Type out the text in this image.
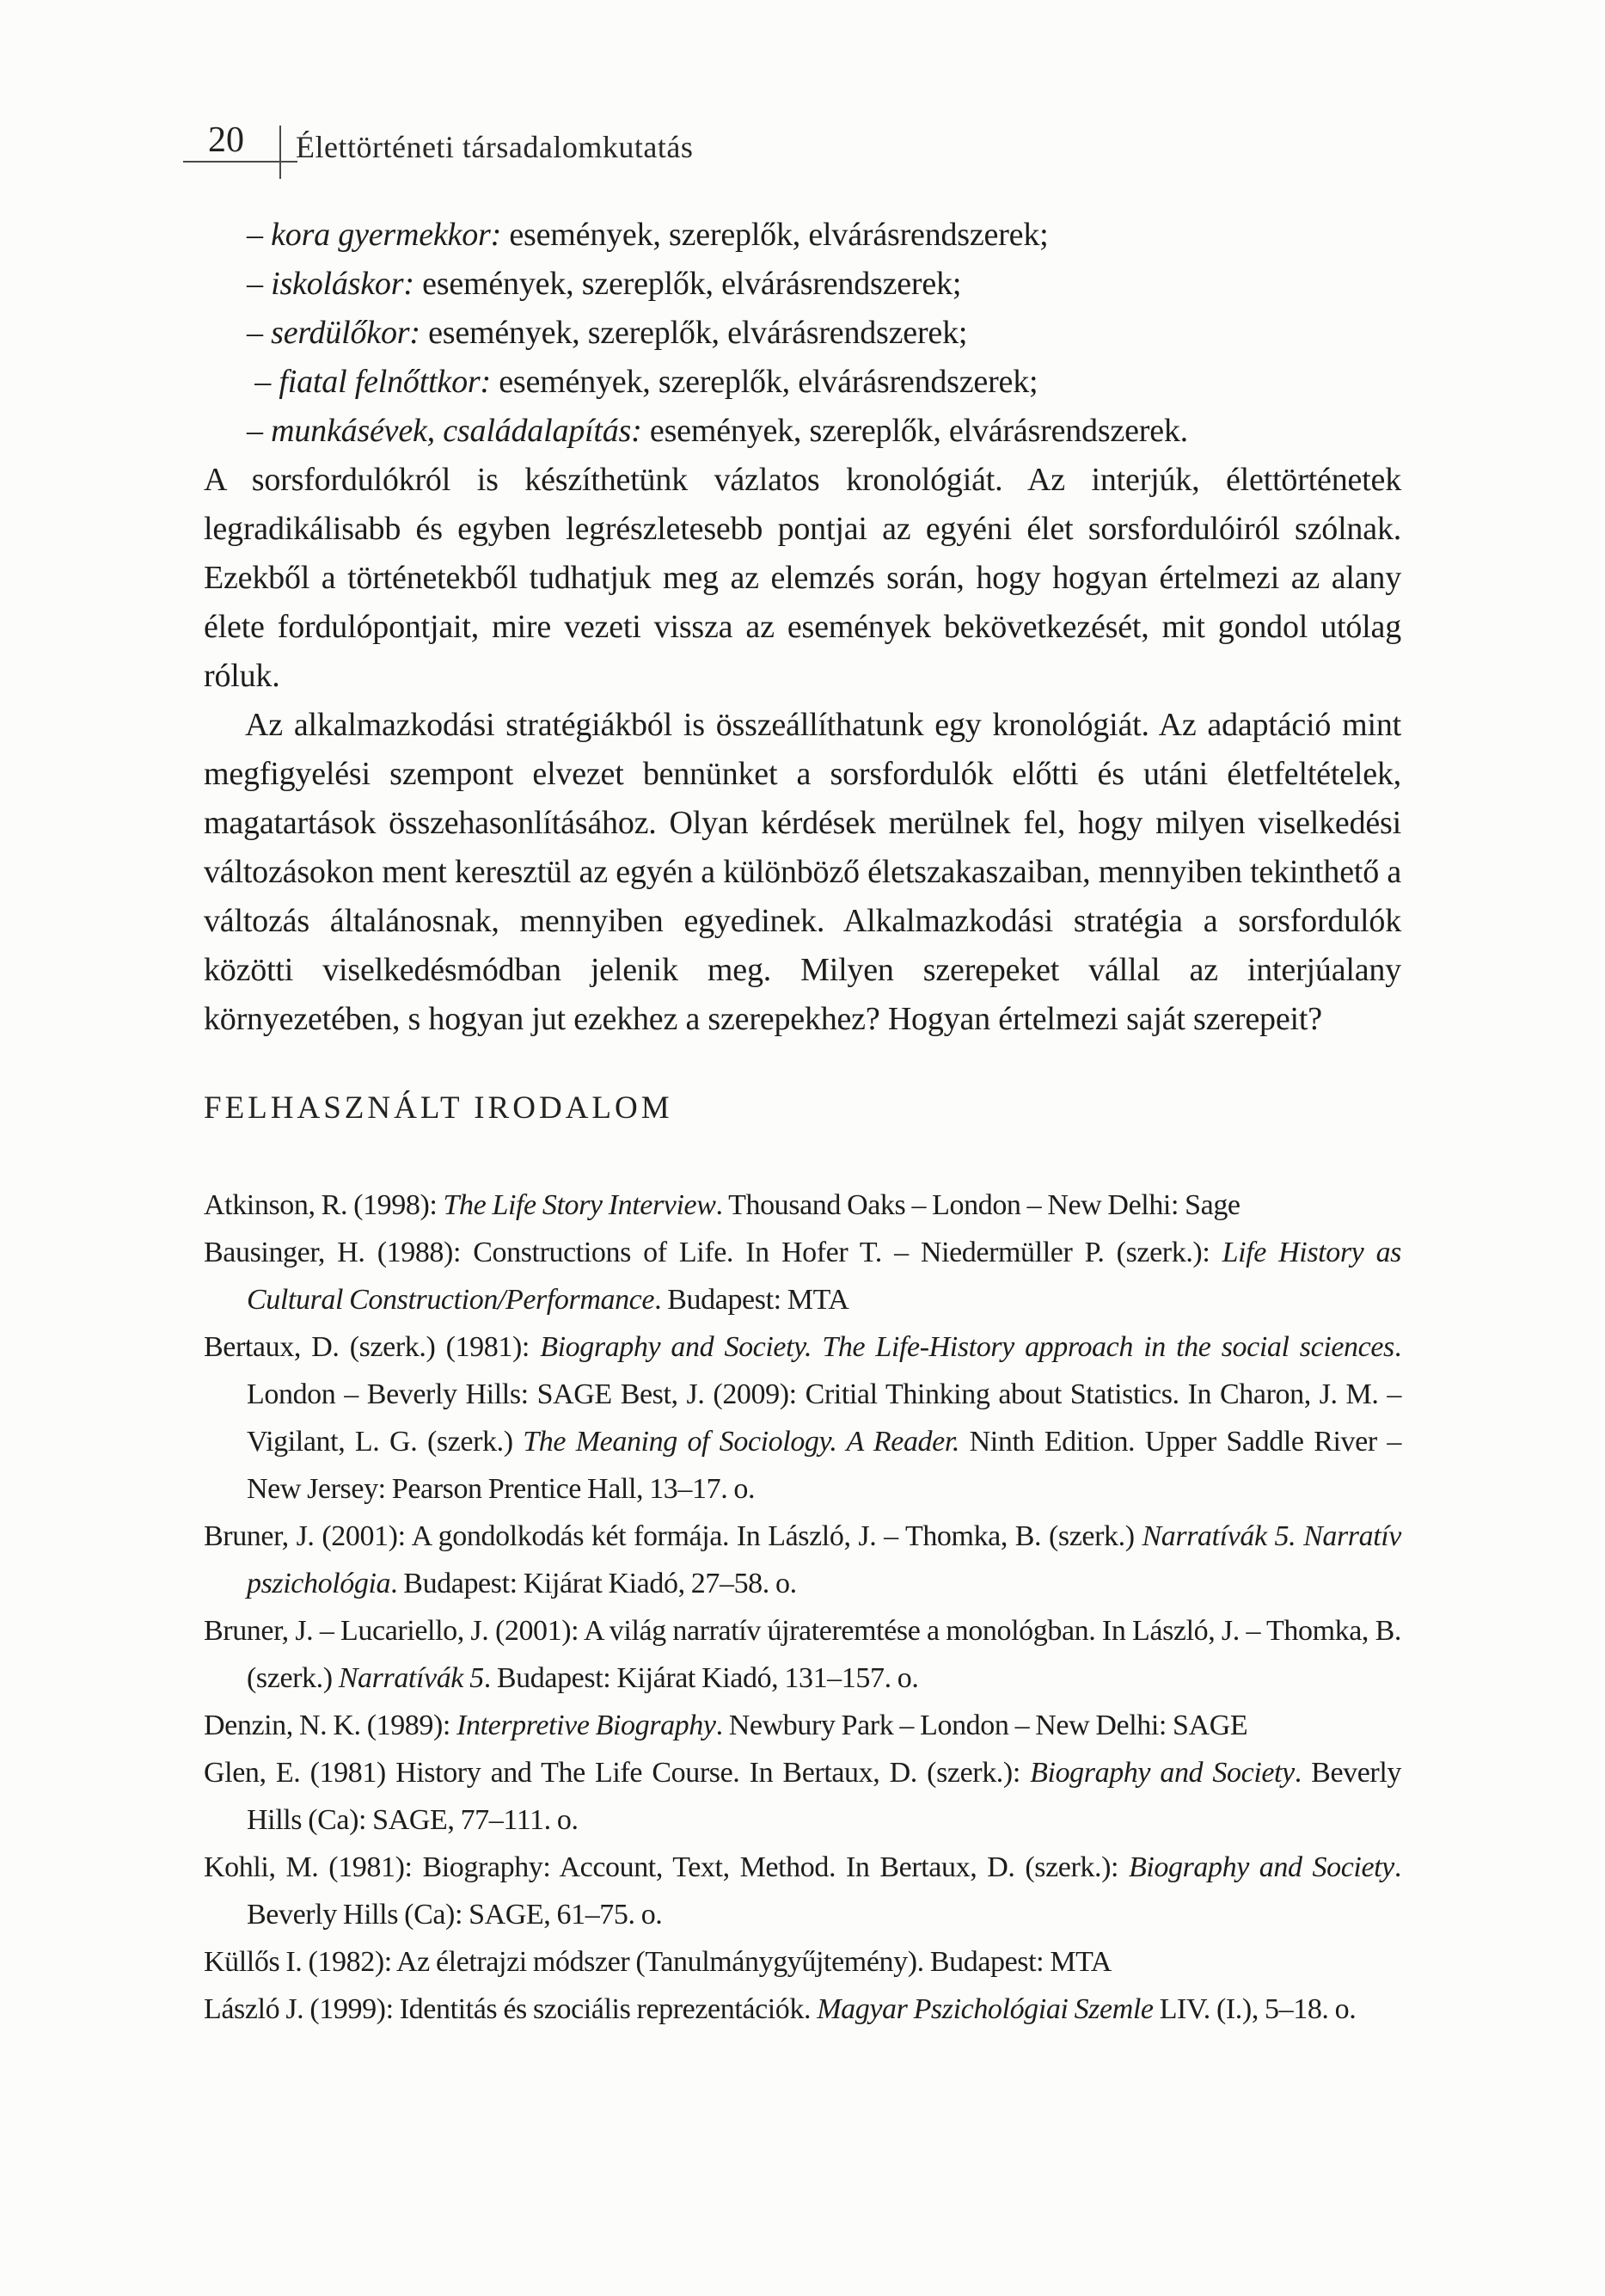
20	Élettörténeti társadalomkutatás
– kora gyermekkor: események, szereplők, elvárásrendszerek;
– iskoláskor: események, szereplők, elvárásrendszerek;
– serdülőkor: események, szereplők, elvárásrendszerek;
– fiatal felnőttkor: események, szereplők, elvárásrendszerek;
– munkásévek, családalapítás: események, szereplők, elvárásrendszerek.
A sorsfordulókról is készíthetünk vázlatos kronológiát. Az interjúk, élettörténetek legradikálisabb és egyben legrészletesebb pontjai az egyéni élet sorsfordulóiról szólnak. Ezekből a történetekből tudhatjuk meg az elemzés során, hogy hogyan értelmezi az alany élete fordulópontjait, mire vezeti vissza az események bekövetkezését, mit gondol utólag róluk.
Az alkalmazkodási stratégiákból is összeállíthatunk egy kronológiát. Az adaptáció mint megfigyelési szempont elvezet bennünket a sorsfordulók előtti és utáni életfeltételek, magatartások összehasonlításához. Olyan kérdések merülnek fel, hogy milyen viselkedési változásokon ment keresztül az egyén a különböző életszakaszaiban, mennyiben tekinthető a változás általánosnak, mennyiben egyedinek. Alkalmazkodási stratégia a sorsfordulók közötti viselkedésmódban jelenik meg. Milyen szerepeket vállal az interjúalany környezetében, s hogyan jut ezekhez a szerepekhez? Hogyan értelmezi saját szerepeit?
FELHASZNÁLT IRODALOM
Atkinson, R. (1998): The Life Story Interview. Thousand Oaks – London – New Delhi: Sage
Bausinger, H. (1988): Constructions of Life. In Hofer T. – Niedermüller P. (szerk.): Life History as Cultural Construction/Performance. Budapest: MTA
Bertaux, D. (szerk.) (1981): Biography and Society. The Life-History approach in the social sciences. London – Beverly Hills: SAGE Best, J. (2009): Critial Thinking about Statistics. In Charon, J. M. – Vigilant, L. G. (szerk.) The Meaning of Sociology. A Reader. Ninth Edition. Upper Saddle River – New Jersey: Pearson Prentice Hall, 13–17. o.
Bruner, J. (2001): A gondolkodás két formája. In László, J. – Thomka, B. (szerk.) Narratívák 5. Narratív pszichológia. Budapest: Kijárat Kiadó, 27–58. o.
Bruner, J. – Lucariello, J. (2001): A világ narratív újrateremtése a monológban. In László, J. – Thomka, B. (szerk.) Narratívák 5. Budapest: Kijárat Kiadó, 131–157. o.
Denzin, N. K. (1989): Interpretive Biography. Newbury Park – London – New Delhi: SAGE
Glen, E. (1981) History and The Life Course. In Bertaux, D. (szerk.): Biography and Society. Beverly Hills (Ca): SAGE, 77–111. o.
Kohli, M. (1981): Biography: Account, Text, Method. In Bertaux, D. (szerk.): Biography and Society. Beverly Hills (Ca): SAGE, 61–75. o.
Küllős I. (1982): Az életrajzi módszer (Tanulmánygyűjtemény). Budapest: MTA
László J. (1999): Identitás és szociális reprezentációk. Magyar Pszichológiai Szemle LIV. (I.), 5–18. o.
